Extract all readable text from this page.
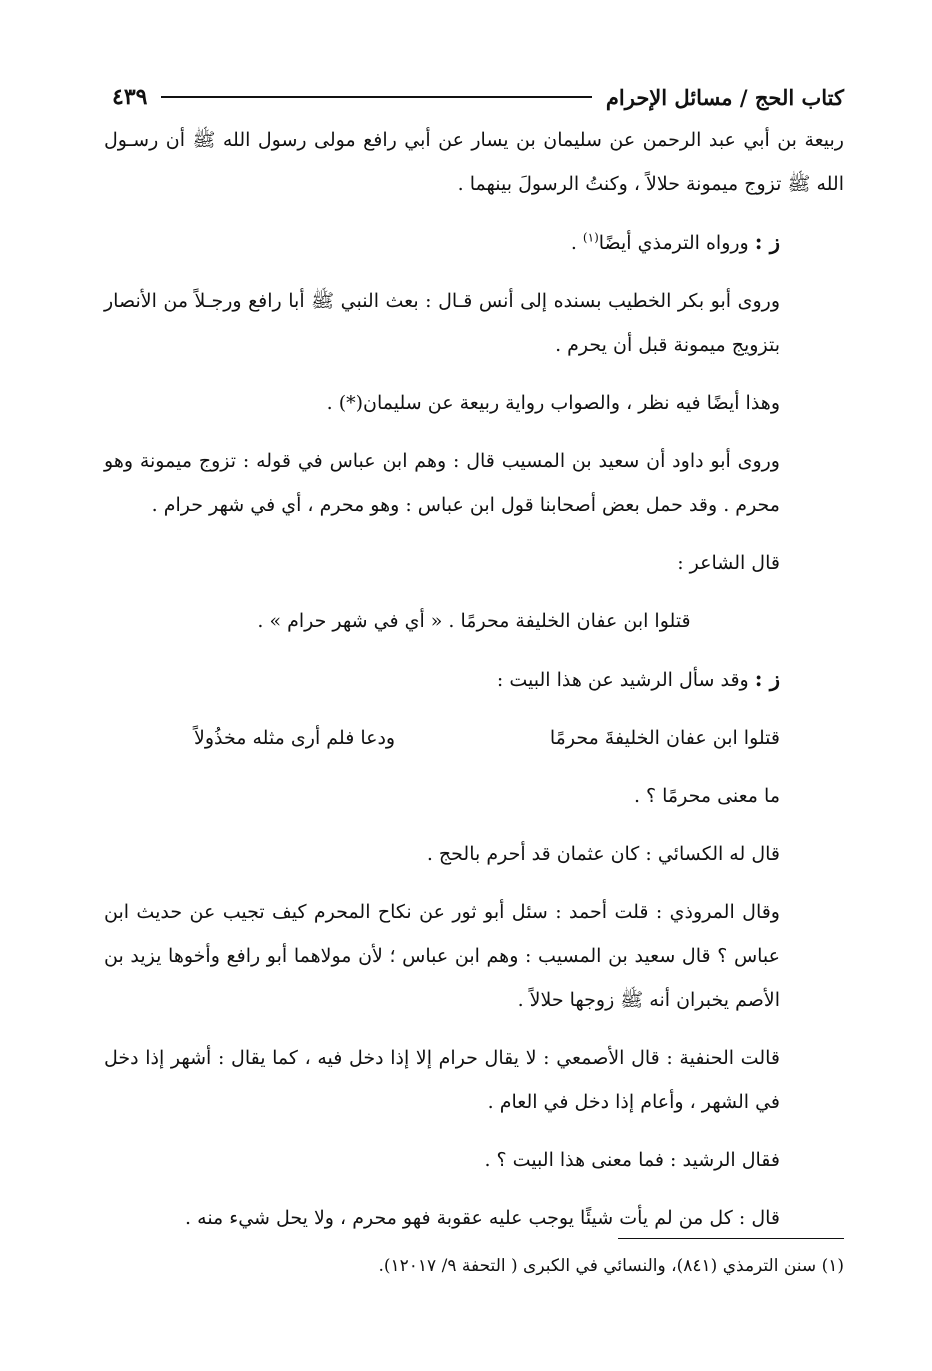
كتاب الحج / مسائل الإحرام
٤٣٩

ربيعة بن أبي عبد الرحمن عن سليمان بن يسار عن أبي رافع مولى رسول الله ﷺ أن رسـول الله ﷺ تزوج ميمونة حلالاً ، وكنتُ الرسولَ بينهما .

ز : ورواه الترمذي أيضًا$^{(١)}$ .

وروى أبو بكر الخطيب بسنده إلى أنس قـال : بعث النبي ﷺ أبا رافع ورجـلاً من الأنصار بتزويج ميمونة قبل أن يحرم .

وهذا أيضًا فيه نظر ، والصواب رواية ربيعة عن سليمان(*) .

وروى أبو داود أن سعيد بن المسيب قال : وهم ابن عباس في قوله : تزوج ميمونة وهو محرم . وقد حمل بعض أصحابنا قول ابن عباس : وهو محرم ، أي في شهر حرام .

قال الشاعر :

قتلوا ابن عفان الخليفة محرمًا . « أي في شهر حرام » .

ز : وقد سأل الرشيد عن هذا البيت :

قتلوا ابن عفان الخليفةَ محرمًا
ودعا فلم أرى مثله مخذُولاً

ما معنى محرمًا ؟ .

قال له الكسائي : كان عثمان قد أحرم بالحج .

وقال المروذي : قلت أحمد : سئل أبو ثور عن نكاح المحرم كيف تجيب عن حديث ابن عباس ؟ قال سعيد بن المسيب : وهم ابن عباس ؛ لأن مولاهما أبو رافع وأخوها يزيد بن الأصم يخبران أنه ﷺ زوجها حلالاً .

قالت الحنفية : قال الأصمعي : لا يقال حرام إلا إذا دخل فيه ، كما يقال : أشهر إذا دخل في الشهر ، وأعام إذا دخل في العام .

فقال الرشيد : فما معنى هذا البيت ؟ .

قال : كل من لم يأت شيئًا يوجب عليه عقوبة فهو محرم ، ولا يحل شيء منه .

(١) سنن الترمذي (٨٤١)، والنسائي في الكبرى ( التحفة ٩/ ١٢٠١٧).
